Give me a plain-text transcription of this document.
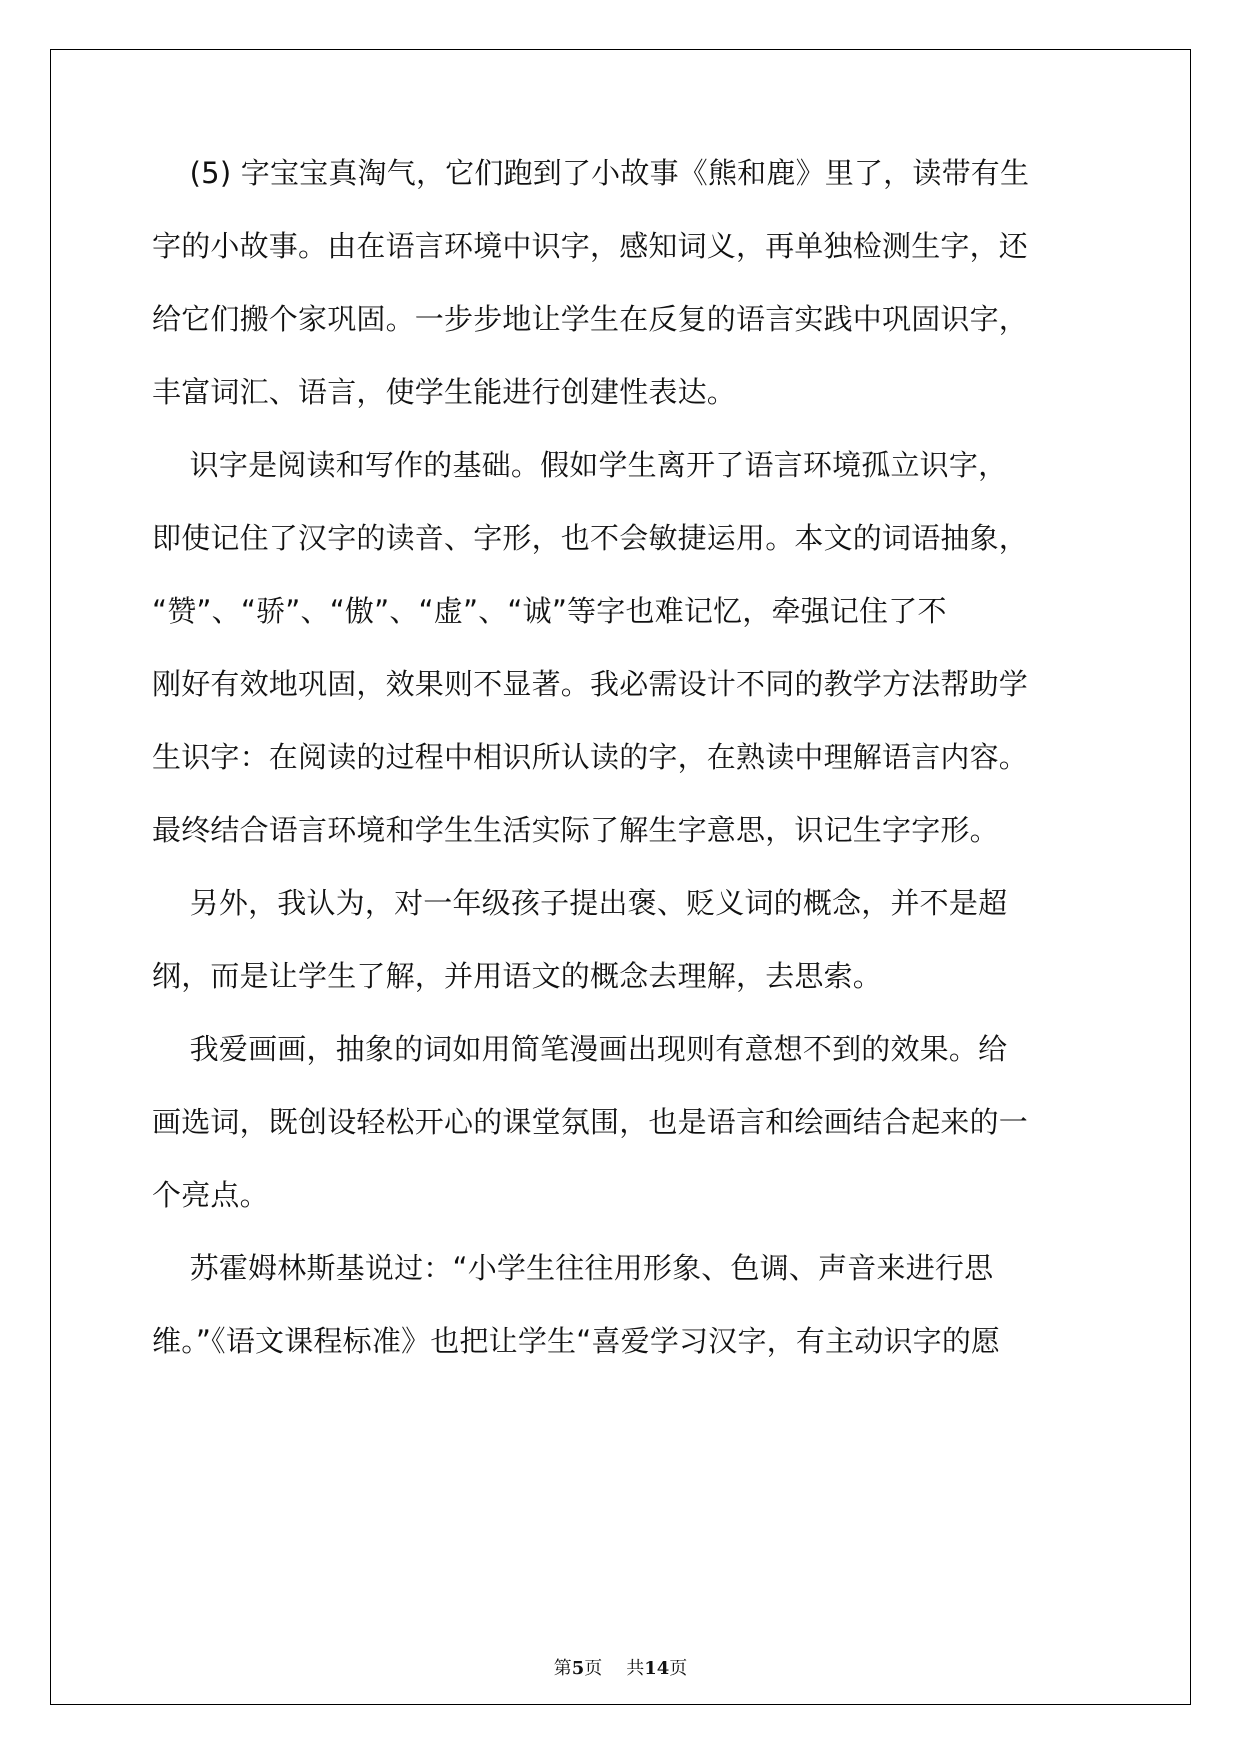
(5) 字宝宝真淘气，它们跑到了小故事《熊和鹿》里了，读带有生
字的小故事。由在语言环境中识字，感知词义，再单独检测生字，还
给它们搬个家巩固。一步步地让学生在反复的语言实践中巩固识字，
丰富词汇、语言，使学生能进行创建性表达。
识字是阅读和写作的基础。假如学生离开了语言环境孤立识字，
即使记住了汉字的读音、字形，也不会敏捷运用。本文的词语抽象，
“赞”、“骄”、“傲”、“虚”、“诚”等字也难记忆，牵强记住了不
刚好有效地巩固，效果则不显著。我必需设计不同的教学方法帮助学
生识字：在阅读的过程中相识所认读的字，在熟读中理解语言内容。
最终结合语言环境和学生生活实际了解生字意思，识记生字字形。
另外，我认为，对一年级孩子提出褒、贬义词的概念，并不是超
纲，而是让学生了解，并用语文的概念去理解，去思索。
我爱画画，抽象的词如用简笔漫画出现则有意想不到的效果。给
画选词，既创设轻松开心的课堂氛围，也是语言和绘画结合起来的一
个亮点。
苏霍姆林斯基说过：“小学生往往用形象、色调、声音来进行思
维。”《语文课程标准》也把让学生“喜爱学习汉字，有主动识字的愿
第5页 共14页
